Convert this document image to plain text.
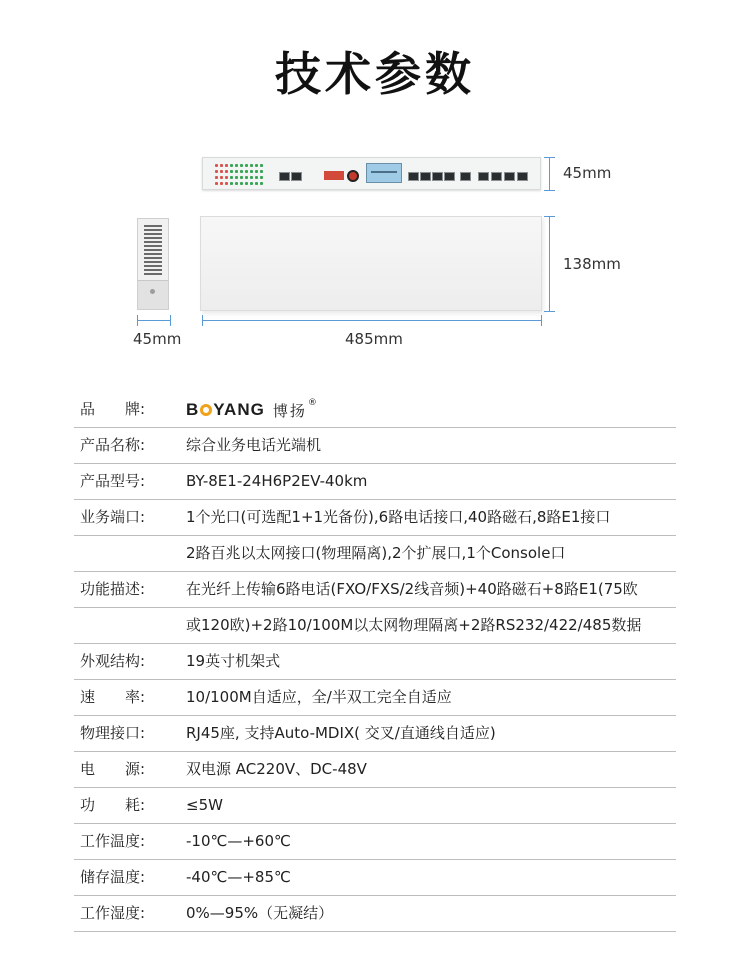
技术参数
45mm
138mm
45mm	485mm
品　　牌:	B YANG 博扬 ®
产品名称:	综合业务电话光端机
产品型号:	BY-8E1-24H6P2EV-40km
业务端口:	1个光口(可选配1+1光备份),6路电话接口,40路磁石,8路E1接口
2路百兆以太网接口(物理隔离),2个扩展口,1个Console口
功能描述:	在光纤上传输6路电话(FXO/FXS/2线音频)+40路磁石+8路E1(75欧
或120欧)+2路10/100M以太网物理隔离+2路RS232/422/485数据
外观结构:	19英寸机架式
速　　率:	10/100M自适应，全/半双工完全自适应
物理接口:	RJ45座, 支持Auto-MDIX( 交叉/直通线自适应)
电　　源:	双电源 AC220V、DC-48V
功　　耗:	≤5W
工作温度:	-10℃—+60℃
储存温度:	-40℃—+85℃
工作湿度:	0%—95%（无凝结）
